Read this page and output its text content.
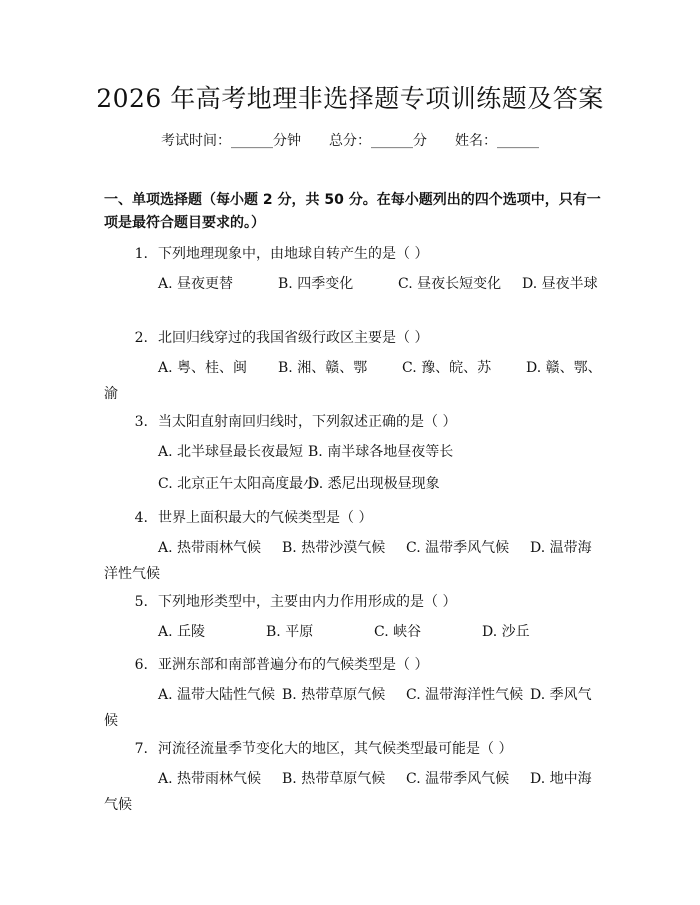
2026 年高考地理非选择题专项训练题及答案
考试时间：______分钟 总分：______分 姓名：______
一、单项选择题（每小题 2 分，共 50 分。在每小题列出的四个选项中，只有一项是最符合题目要求的。）
1. 下列地理现象中，由地球自转产生的是（ ）
A. 昼夜更替	B. 四季变化	C. 昼夜长短变化 D. 昼夜半球
2. 北回归线穿过的我国省级行政区主要是（ ）
A. 粤、桂、闽 B. 湘、赣、鄂 C. 豫、皖、苏 D. 赣、鄂、渝
3. 当太阳直射南回归线时，下列叙述正确的是（ ）
A. 北半球昼最长夜最短 B. 南半球各地昼夜等长
C. 北京正午太阳高度最小D. 悉尼出现极昼现象
4. 世界上面积最大的气候类型是（ ）
A. 热带雨林气候 B. 热带沙漠气候 C. 温带季风气候 D. 温带海洋性气候
5. 下列地形类型中，主要由内力作用形成的是（ ）
A. 丘陵	B. 平原	C. 峡谷	D. 沙丘
6. 亚洲东部和南部普遍分布的气候类型是（ ）
A. 温带大陆性气候 B. 热带草原气候 C. 温带海洋性气候 D. 季风气候
7. 河流径流量季节变化大的地区，其气候类型最可能是（ ）
A. 热带雨林气候 B. 热带草原气候 C. 温带季风气候 D. 地中海气候
